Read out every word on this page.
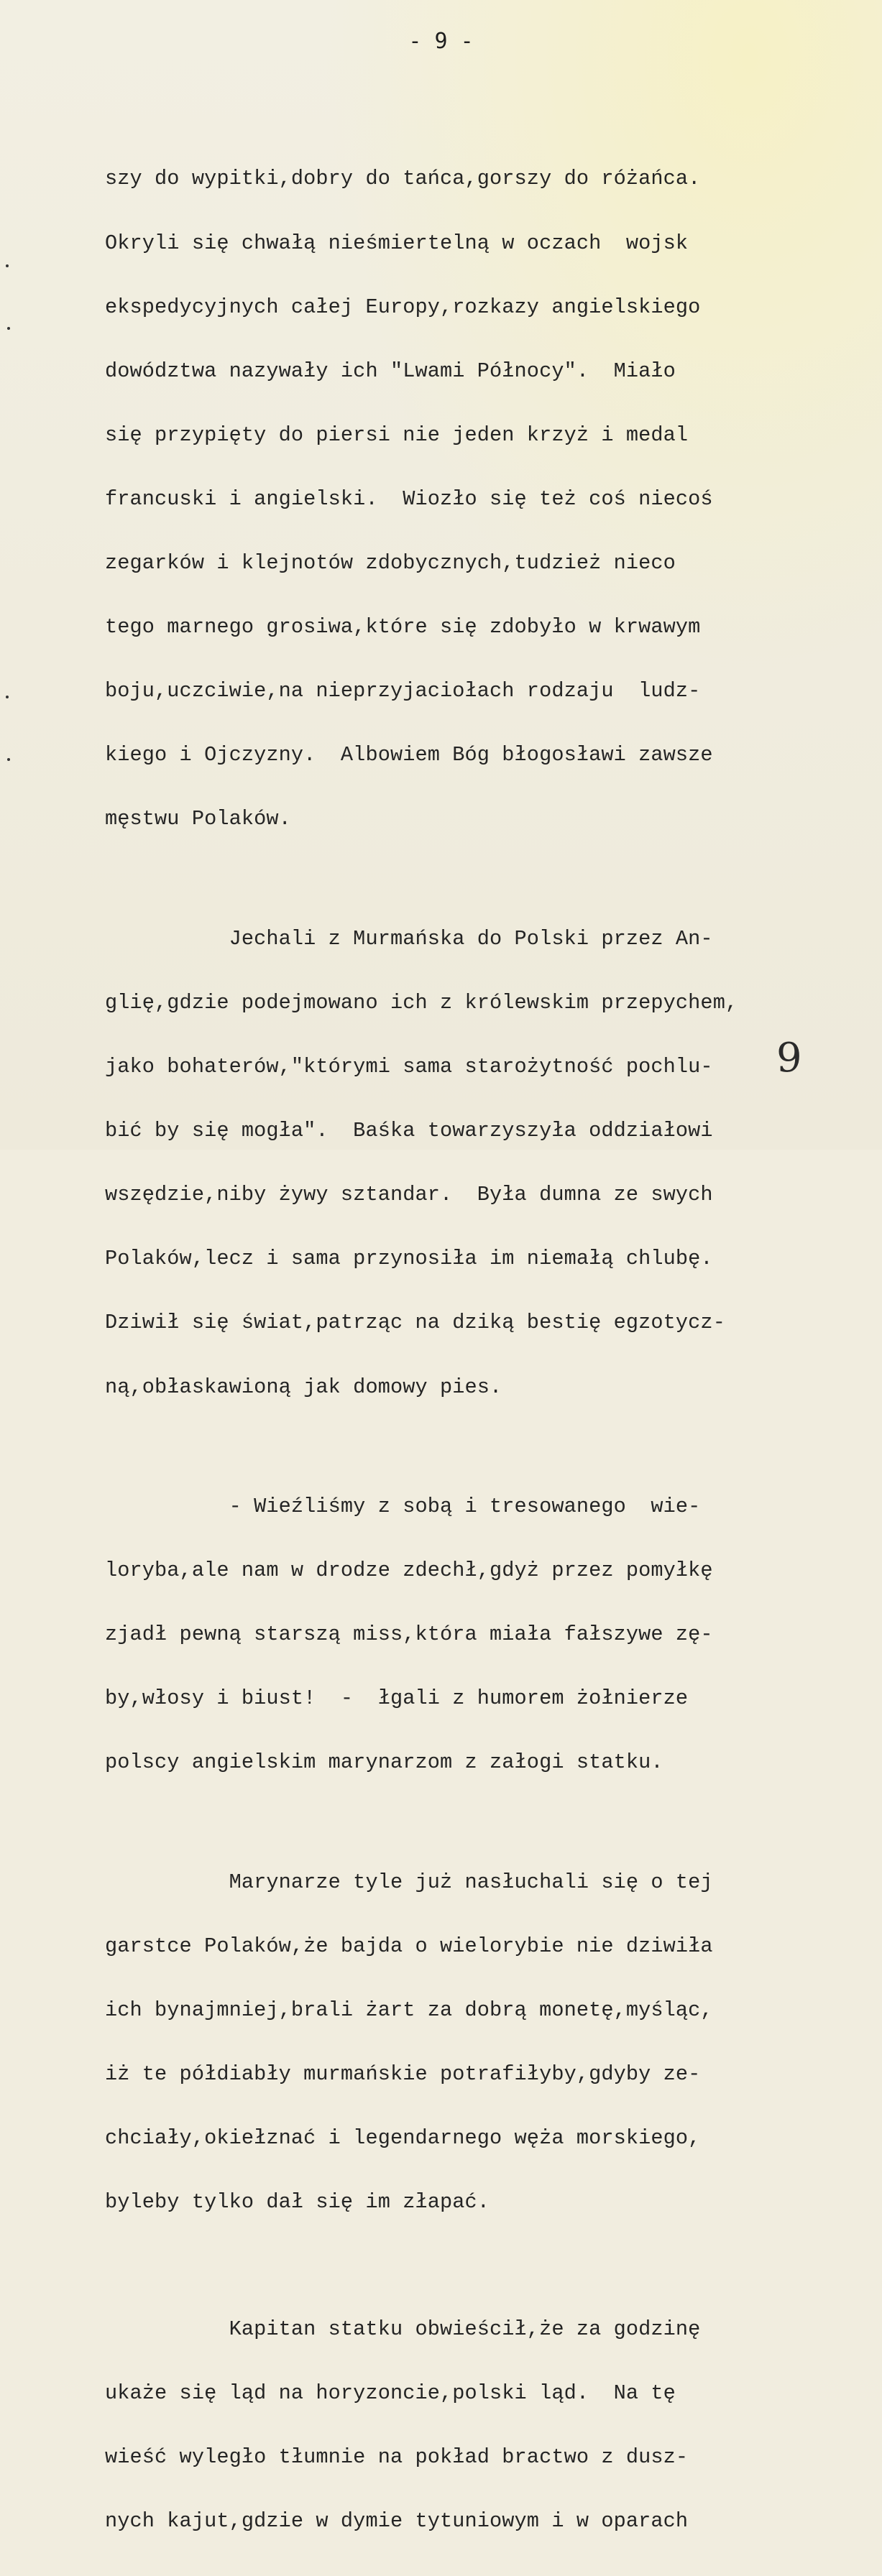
- 9 -

szy do wypitki,dobry do tańca,gorszy do różańca.

Okryli się chwałą nieśmiertelną w oczach  wojsk

ekspedycyjnych całej Europy,rozkazy angielskiego

dowództwa nazywały ich "Lwami Północy".  Miało

się przypięty do piersi nie jeden krzyż i medal

francuski i angielski.  Wiozło się też coś niecoś

zegarków i klejnotów zdobycznych,tudzież nieco

tego marnego grosiwa,które się zdobyło w krwawym

boju,uczciwie,na nieprzyjaciołach rodzaju  ludz-

kiego i Ojczyzny.  Albowiem Bóg błogosławi zawsze

męstwu Polaków.

Jechali z Murmańska do Polski przez An-

glię,gdzie podejmowano ich z królewskim przepychem,

jako bohaterów,"którymi sama starożytność pochlu-

bić by się mogła".  Baśka towarzyszyła oddziałowi

wszędzie,niby żywy sztandar.  Była dumna ze swych

Polaków,lecz i sama przynosiła im niemałą chlubę.

Dziwił się świat,patrząc na dziką bestię egzotycz-

ną,obłaskawioną jak domowy pies.

- Wieźliśmy z sobą i tresowanego  wie-

loryba,ale nam w drodze zdechł,gdyż przez pomyłkę

zjadł pewną starszą miss,która miała fałszywe zę-

by,włosy i biust!  -  łgali z humorem żołnierze

polscy angielskim marynarzom z załogi statku.

Marynarze tyle już nasłuchali się o tej

garstce Polaków,że bajda o wielorybie nie dziwiła

ich bynajmniej,brali żart za dobrą monetę,myśląc,

iż te półdiabły murmańskie potrafiłyby,gdyby ze-

chciały,okiełznać i legendarnego węża morskiego,

byleby tylko dał się im złapać.

Kapitan statku obwieścił,że za godzinę

ukaże się ląd na horyzoncie,polski ląd.  Na tę

wieść wyległo tłumnie na pokład bractwo z dusz-

nych kajut,gdzie w dymie tytuniowym i w oparach

9
